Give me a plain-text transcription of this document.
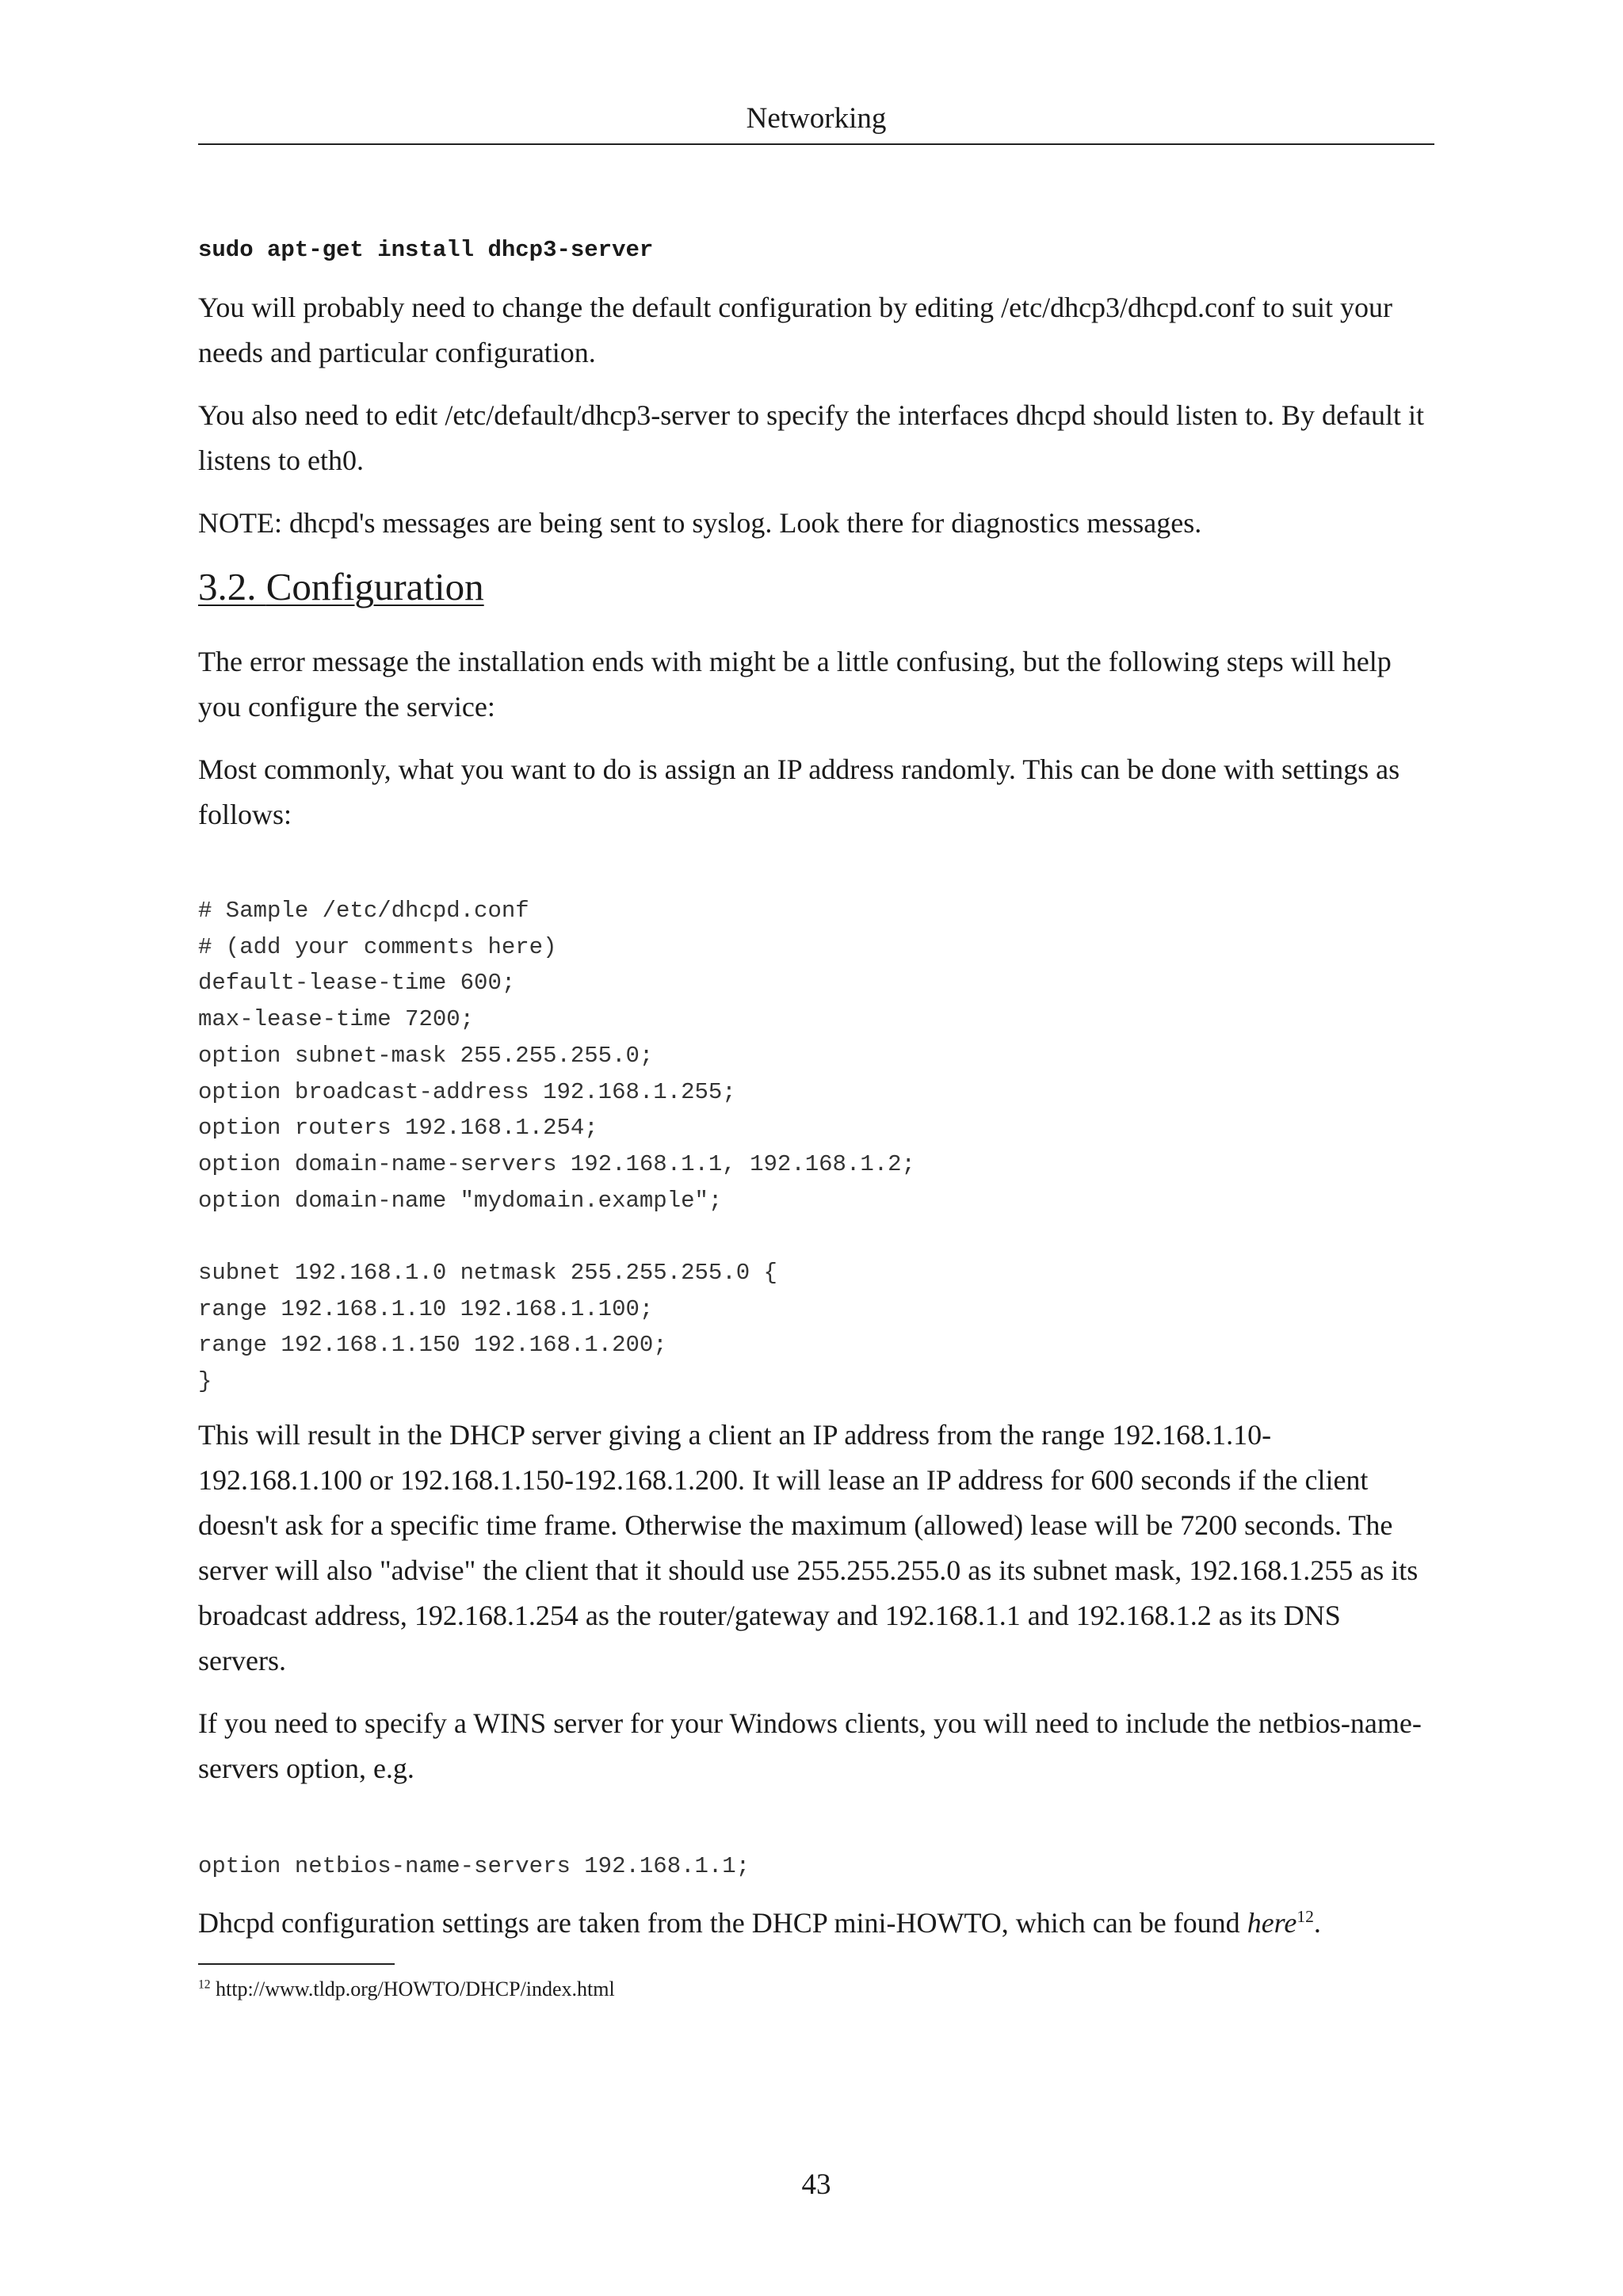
Networking
sudo apt-get install dhcp3-server

You will probably need to change the default configuration by editing /etc/dhcp3/dhcpd.conf to suit your needs and particular configuration.

You also need to edit /etc/default/dhcp3-server to specify the interfaces dhcpd should listen to. By default it listens to eth0.

NOTE: dhcpd's messages are being sent to syslog. Look there for diagnostics messages.

3.2. Configuration

The error message the installation ends with might be a little confusing, but the following steps will help you configure the service:

Most commonly, what you want to do is assign an IP address randomly. This can be done with settings as follows:

# Sample /etc/dhcpd.conf
# (add your comments here)
default-lease-time 600;
max-lease-time 7200;
option subnet-mask 255.255.255.0;
option broadcast-address 192.168.1.255;
option routers 192.168.1.254;
option domain-name-servers 192.168.1.1, 192.168.1.2;
option domain-name "mydomain.example";

subnet 192.168.1.0 netmask 255.255.255.0 {
range 192.168.1.10 192.168.1.100;
range 192.168.1.150 192.168.1.200;
}

This will result in the DHCP server giving a client an IP address from the range 192.168.1.10-192.168.1.100 or 192.168.1.150-192.168.1.200. It will lease an IP address for 600 seconds if the client doesn't ask for a specific time frame. Otherwise the maximum (allowed) lease will be 7200 seconds. The server will also "advise" the client that it should use 255.255.255.0 as its subnet mask, 192.168.1.255 as its broadcast address, 192.168.1.254 as the router/gateway and 192.168.1.1 and 192.168.1.2 as its DNS servers.

If you need to specify a WINS server for your Windows clients, you will need to include the netbios-name-servers option, e.g.

option netbios-name-servers 192.168.1.1;

Dhcpd configuration settings are taken from the DHCP mini-HOWTO, which can be found here$^{12}$.

$^{12}$ http://www.tldp.org/HOWTO/DHCP/index.html
43
